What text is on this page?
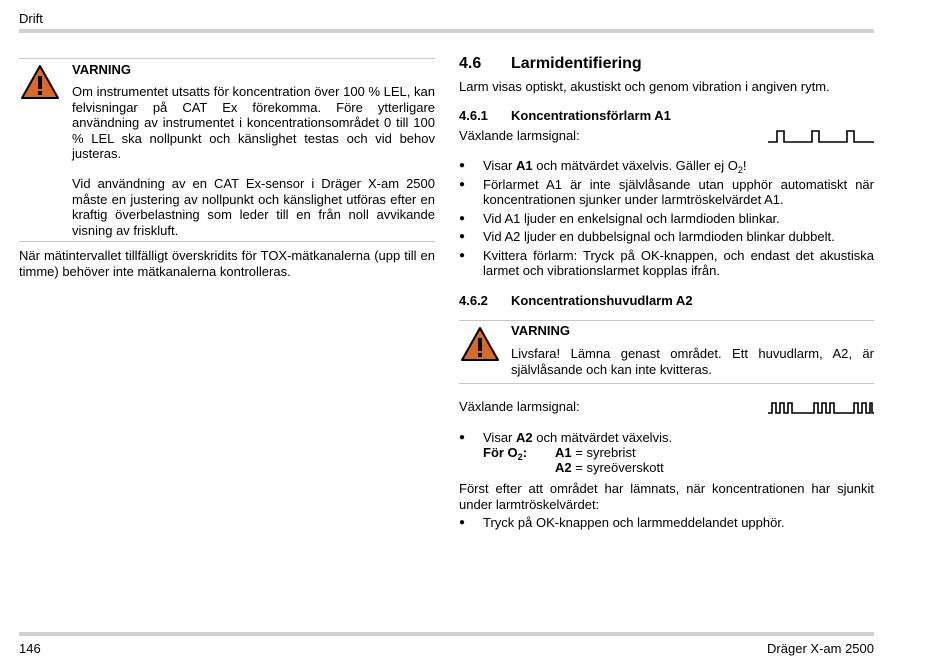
Drift
VARNING

Om instrumentet utsatts för koncentration över 100 % LEL, kan felvisningar på CAT Ex förekomma. Före ytterligare användning av instrumentet i koncentrationsområdet 0 till 100 % LEL ska nollpunkt och känslighet testas och vid behov justeras.

Vid användning av en CAT Ex-sensor i Dräger X-am 2500 måste en justering av nollpunkt och känslighet utföras efter en kraftig överbelastning som leder till en från noll avvikande visning av friskluft.

När mätintervallet tillfälligt överskridits för TOX-mätkanalerna (upp till en timme) behöver inte mätkanalerna kontrolleras.

4.6 Larmidentifiering

Larm visas optiskt, akustiskt och genom vibration i angiven rytm.

4.6.1 Koncentrationsförlarm A1

Växlande larmsignal:

● Visar A1 och mätvärdet växelvis. Gäller ej $O_2$!
● Förlarmet A1 är inte självlåsande utan upphör automatiskt när koncentrationen sjunker under larmtröskelvärdet A1.
● Vid A1 ljuder en enkelsignal och larmdioden blinkar.
● Vid A2 ljuder en dubbelsignal och larmdioden blinkar dubbelt.
● Kvittera förlarm: Tryck på OK-knappen, och endast det akustiska larmet och vibrationslarmet kopplas ifrån.
4.6.2 Koncentrationshuvudlarm A2
VARNING

Livsfara! Lämna genast området. Ett huvudlarm, A2, är självlåsande och kan inte kvitteras.

Växlande larmsignal:

● Visar A2 och mätvärdet växelvis.

För $O_2$: A1 = syrebrist

A2 = syreöverskott

Först efter att området har lämnats, när koncentrationen har sjunkit under larmtröskelvärdet:

● Tryck på OK-knappen och larmmeddelandet upphör.

146	Dräger X-am 2500
